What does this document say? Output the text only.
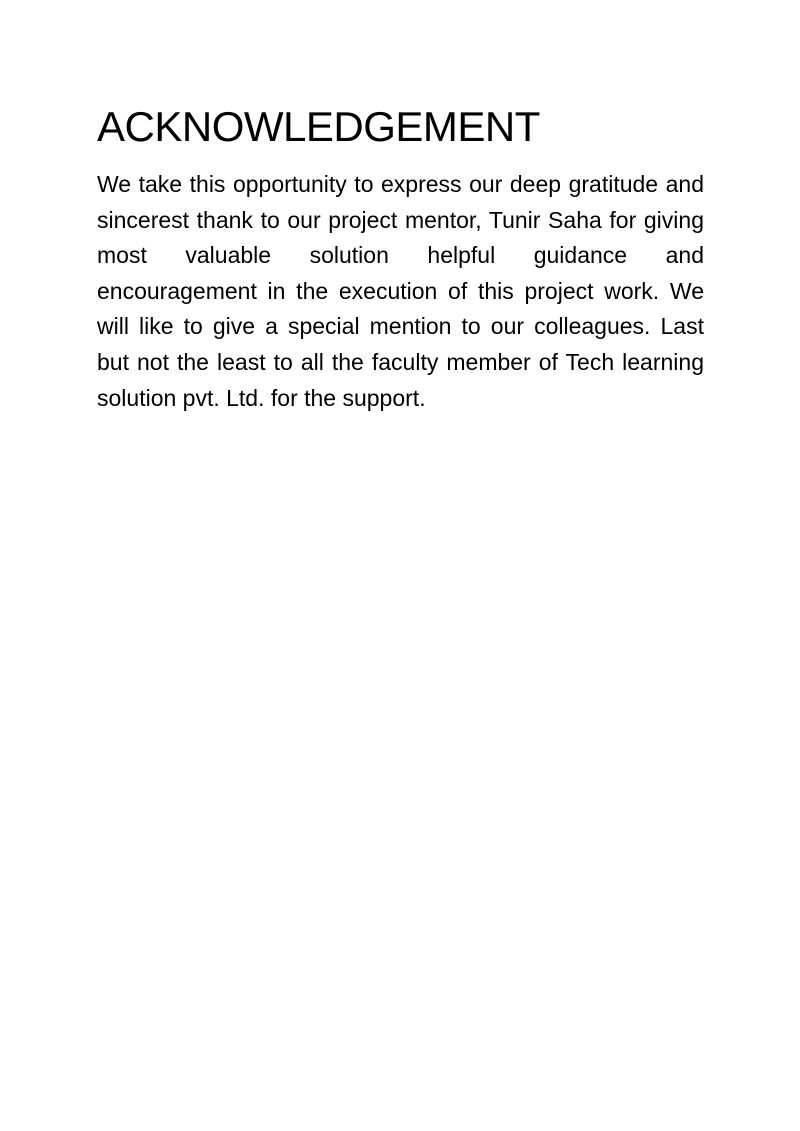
ACKNOWLEDGEMENT

We take this opportunity to express our deep gratitude and sincerest thank to our project mentor, Tunir Saha for giving most valuable solution helpful guidance and encouragement in the execution of this project work. We will like to give a special mention to our colleagues. Last but not the least to all the faculty member of Tech learning solution pvt. Ltd. for the support.
